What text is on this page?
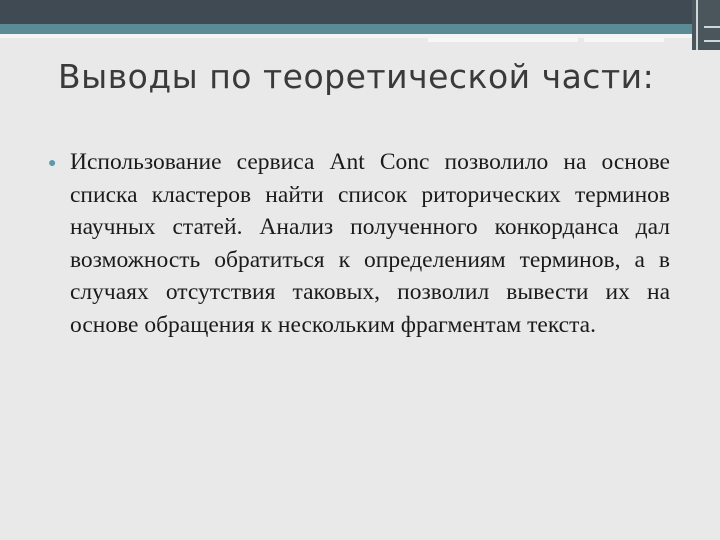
Выводы по теоретической части:
● Использование сервиса Ant Conc позволило на основе списка кластеров найти список риторических терминов научных статей. Анализ полученного конкорданса дал возможность обратиться к определениям терминов, а в случаях отсутствия таковых, позволил вывести их на основе обращения к нескольким фрагментам текста.
